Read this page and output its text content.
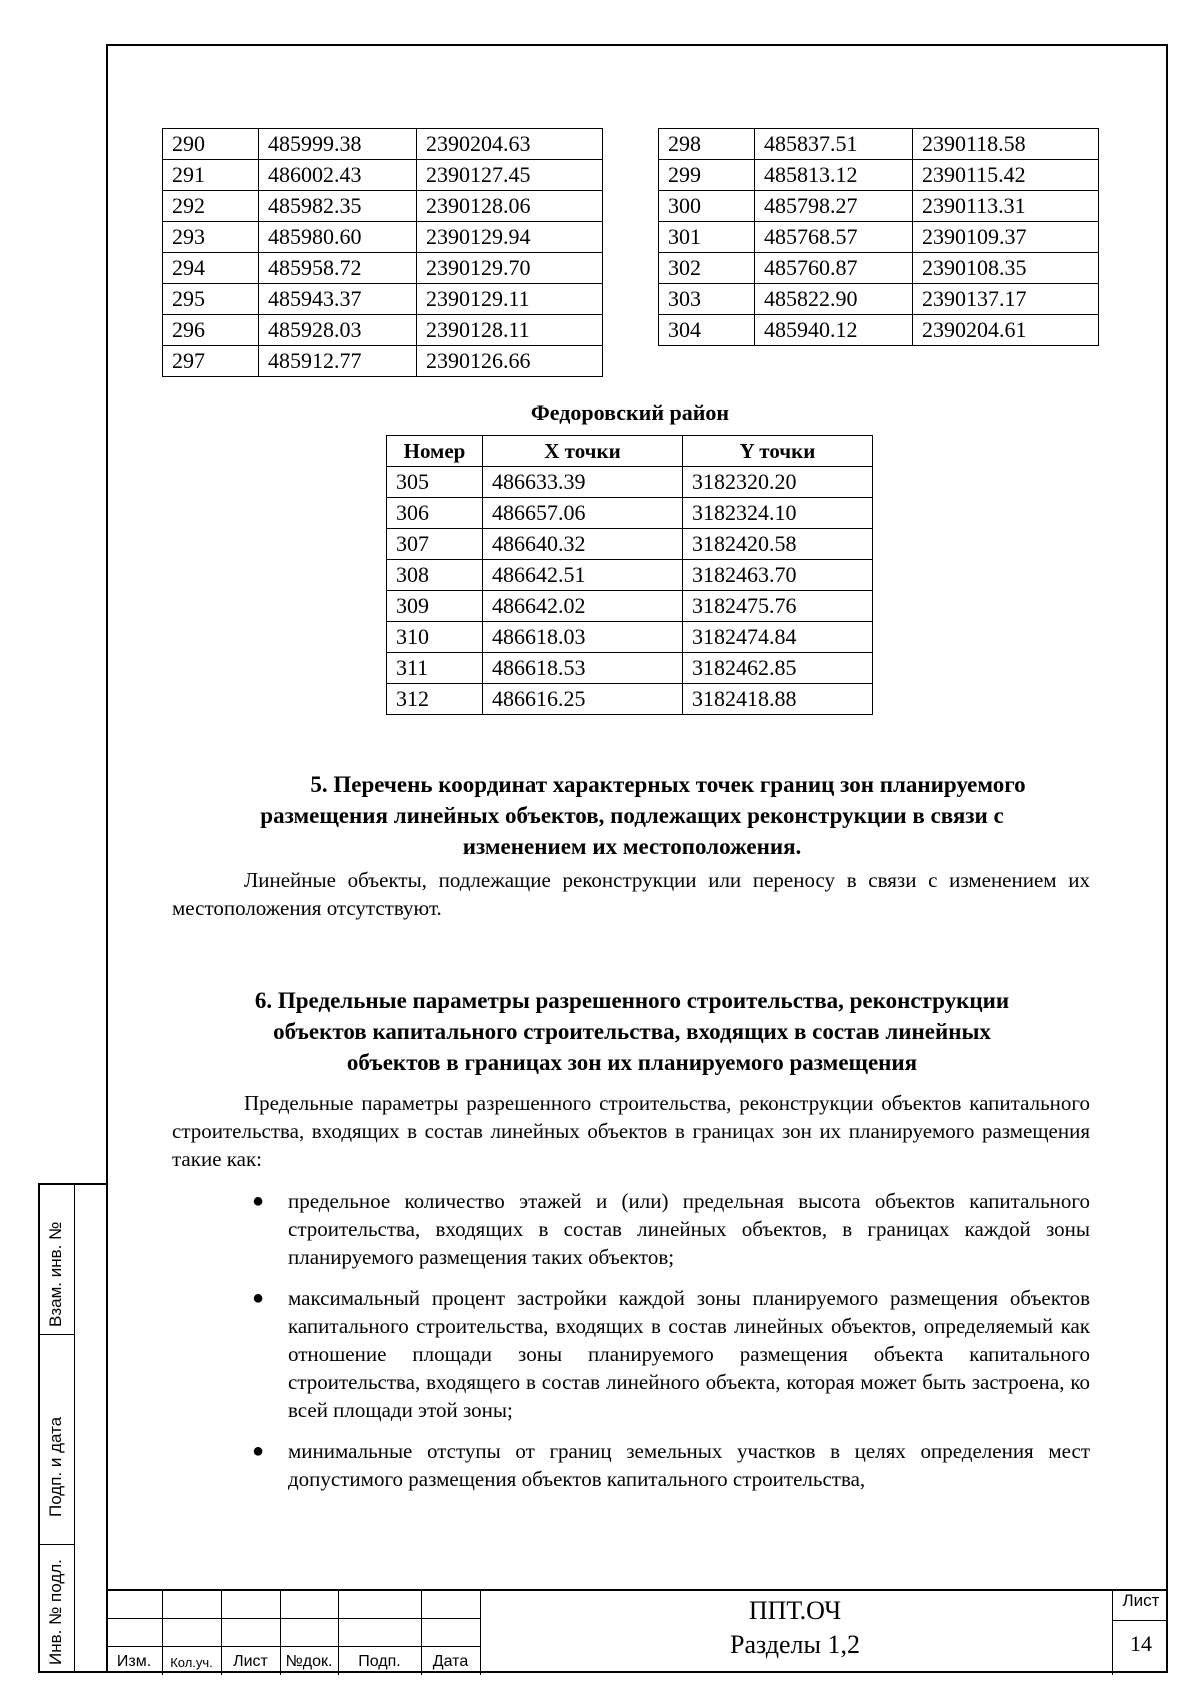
290	485999.38	2390204.63
291	486002.43	2390127.45
292	485982.35	2390128.06
293	485980.60	2390129.94
294	485958.72	2390129.70
295	485943.37	2390129.11
296	485928.03	2390128.11
297	485912.77	2390126.66
298	485837.51	2390118.58
299	485813.12	2390115.42
300	485798.27	2390113.31
301	485768.57	2390109.37
302	485760.87	2390108.35
303	485822.90	2390137.17
304	485940.12	2390204.61
Федоровский район
Номер	X точки	Y точки
305	486633.39	3182320.20
306	486657.06	3182324.10
307	486640.32	3182420.58
308	486642.51	3182463.70
309	486642.02	3182475.76
310	486618.03	3182474.84
311	486618.53	3182462.85
312	486616.25	3182418.88
5. Перечень координат характерных точек границ зон планируемого
размещения линейных объектов, подлежащих реконструкции в связи с
изменением их местоположения.
Линейные объекты, подлежащие реконструкции или переносу в связи с изменением их местоположения отсутствуют.
6. Предельные параметры разрешенного строительства, реконструкции
объектов капитального строительства, входящих в состав линейных
объектов в границах зон их планируемого размещения
Предельные параметры разрешенного строительства, реконструкции объектов капитального строительства, входящих в состав линейных объектов в границах зон их планируемого размещения такие как:
● предельное количество этажей и (или) предельная высота объектов капитального строительства, входящих в состав линейных объектов, в границах каждой зоны планируемого размещения таких объектов;
● максимальный процент застройки каждой зоны планируемого размещения объектов капитального строительства, входящих в состав линейных объектов, определяемый как отношение площади зоны планируемого размещения объекта капитального строительства, входящего в состав линейного объекта, которая может быть застроена, ко всей площади этой зоны;
● минимальные отступы от границ земельных участков в целях определения мест допустимого размещения объектов капитального строительства,
Взам. инв. №
Подп. и дата
Инв. № подл.	Изм.	Кол.уч.	Лист	№док.	Подп.	Дата
ППТ.ОЧ
Разделы 1,2
Лист
14
